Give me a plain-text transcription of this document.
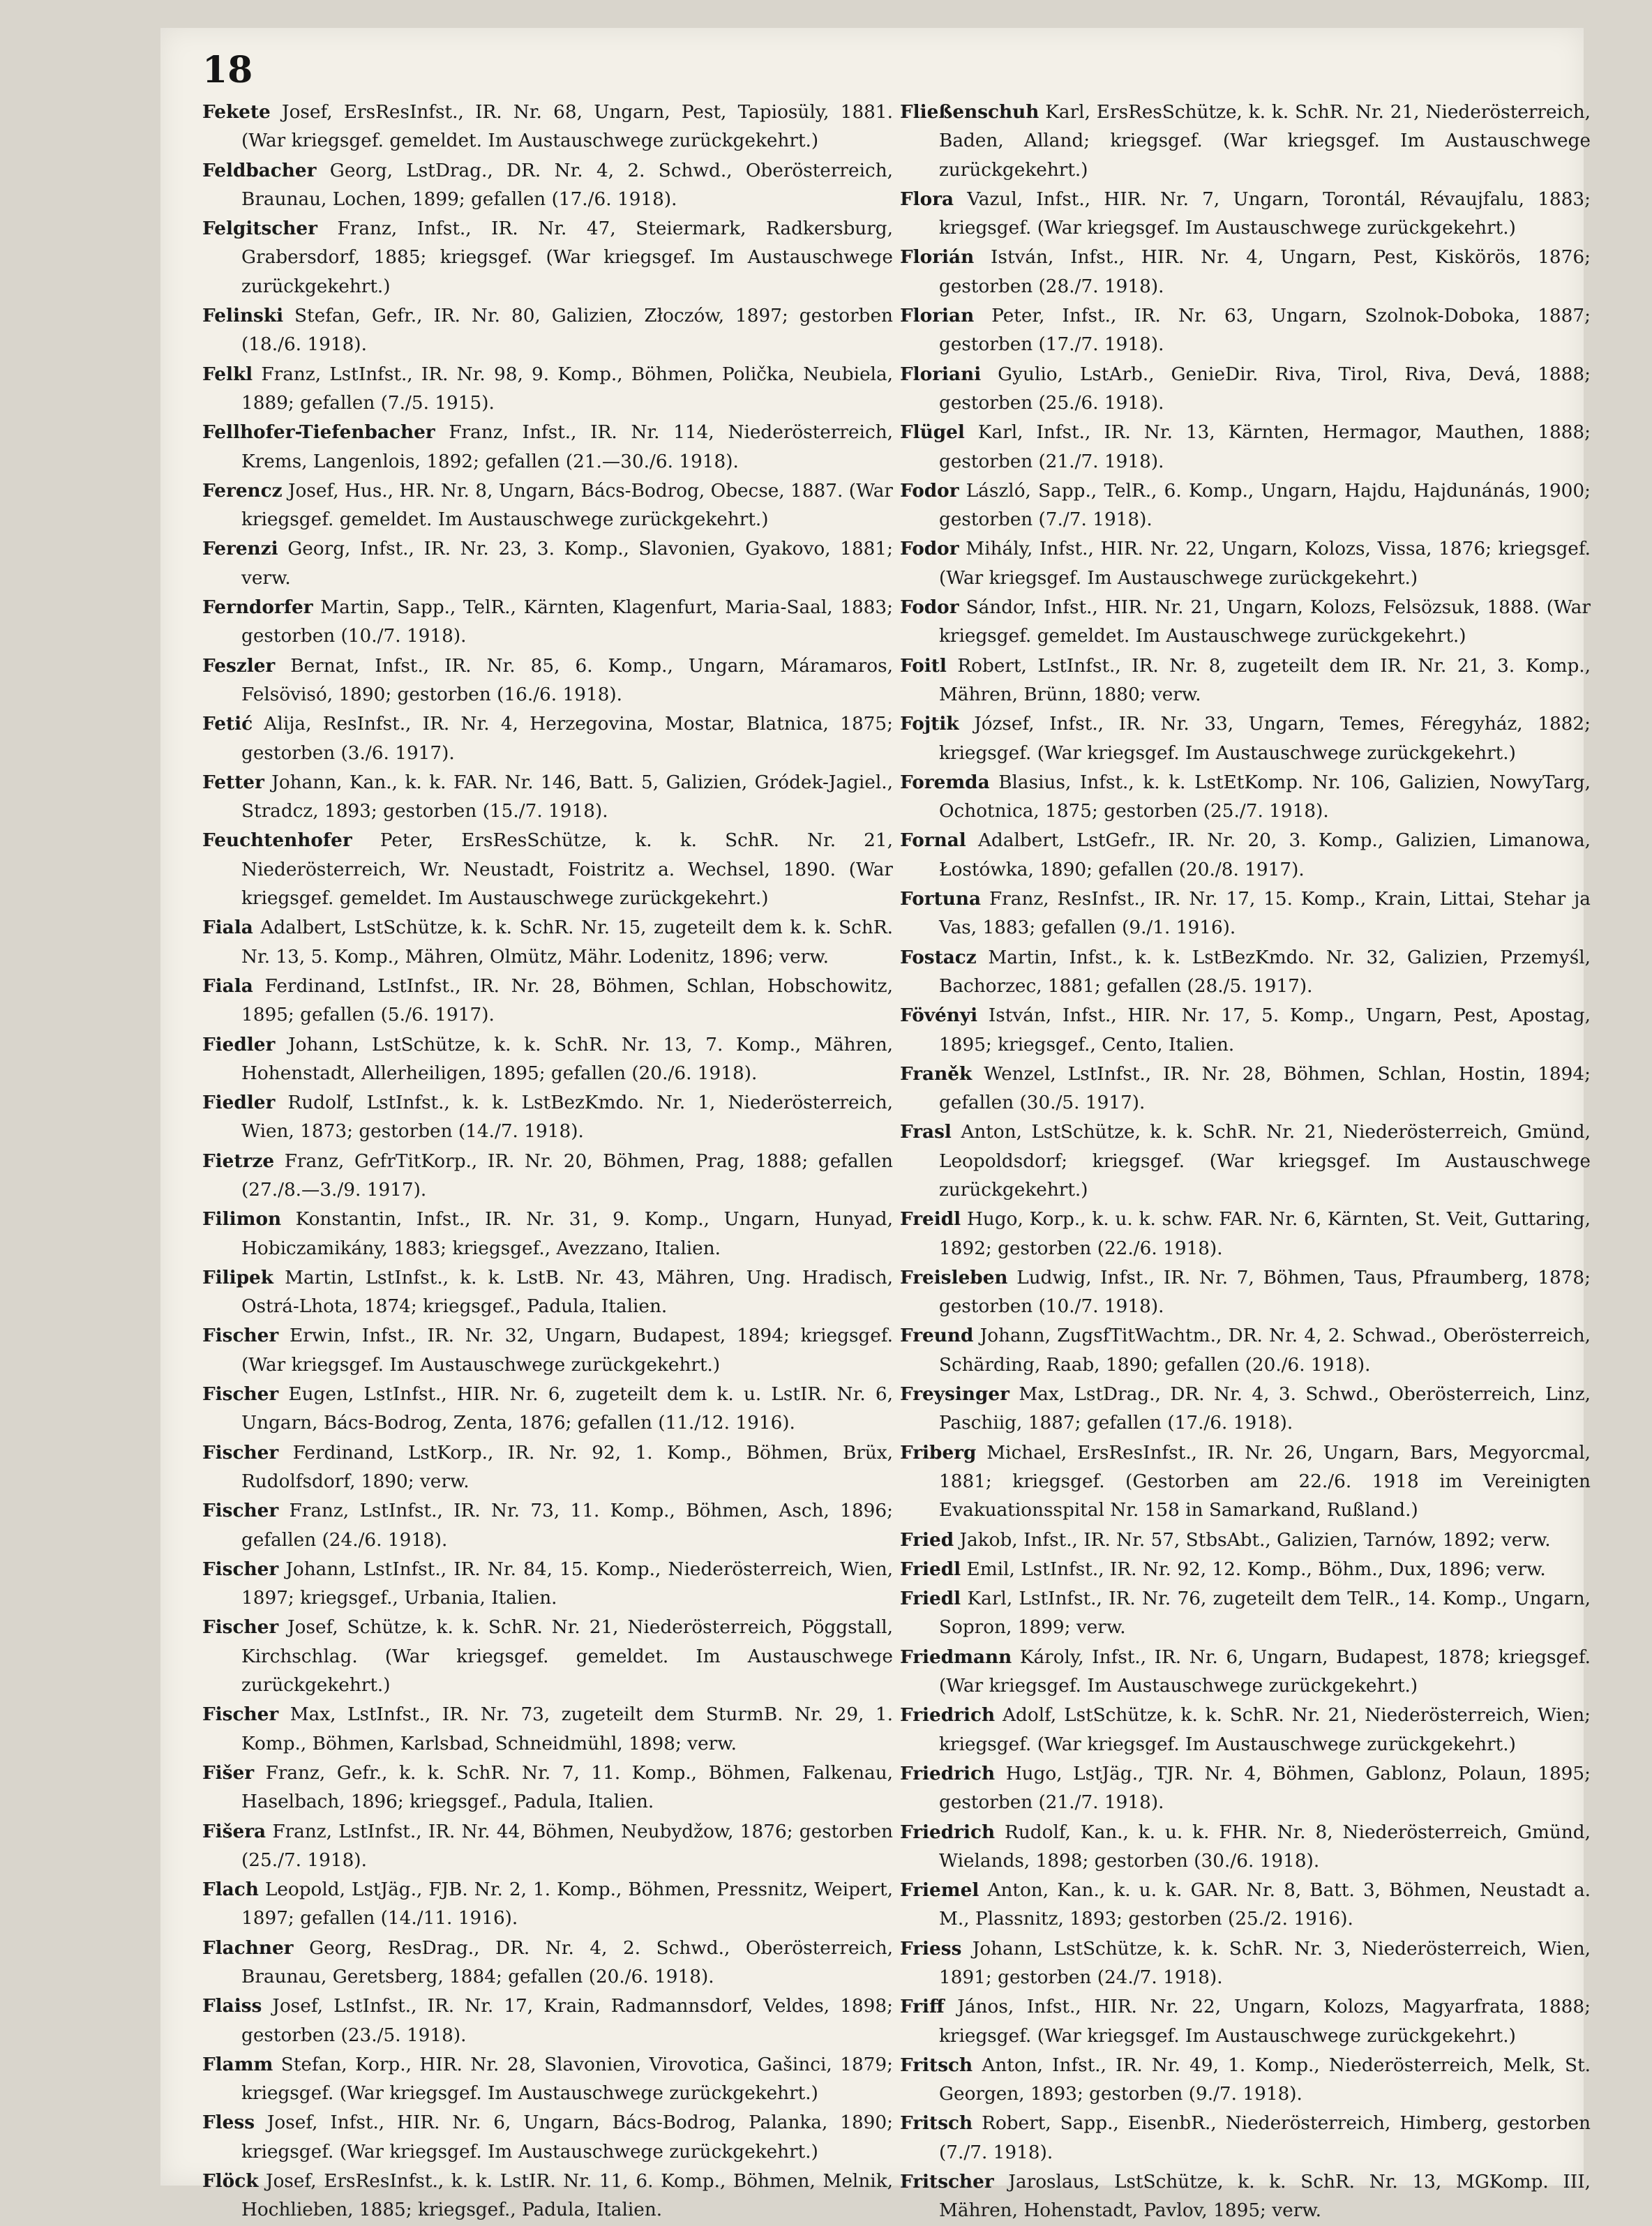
18

Fekete Josef, ErsResInfst., IR. Nr. 68, Ungarn, Pest, Tapiosüly, 1881. (War kriegsgef. gemeldet. Im Austauschwege zurückgekehrt.)

Feldbacher Georg, LstDrag., DR. Nr. 4, 2. Schwd., Oberösterreich, Braunau, Lochen, 1899; gefallen (17./6. 1918).

Felgitscher Franz, Infst., IR. Nr. 47, Steiermark, Radkersburg, Grabersdorf, 1885; kriegsgef. (War kriegsgef. Im Austauschwege zurückgekehrt.)

Felinski Stefan, Gefr., IR. Nr. 80, Galizien, Złoczów, 1897; gestorben (18./6. 1918).

Felkl Franz, LstInfst., IR. Nr. 98, 9. Komp., Böhmen, Polička, Neubiela, 1889; gefallen (7./5. 1915).

Fellhofer-Tiefenbacher Franz, Infst., IR. Nr. 114, Niederösterreich, Krems, Langenlois, 1892; gefallen (21.—30./6. 1918).

Ferencz Josef, Hus., HR. Nr. 8, Ungarn, Bács-Bodrog, Obecse, 1887. (War kriegsgef. gemeldet. Im Austauschwege zurückgekehrt.)

Ferenzi Georg, Infst., IR. Nr. 23, 3. Komp., Slavonien, Gyakovo, 1881; verw.

Ferndorfer Martin, Sapp., TelR., Kärnten, Klagenfurt, Maria-Saal, 1883; gestorben (10./7. 1918).

Feszler Bernat, Infst., IR. Nr. 85, 6. Komp., Ungarn, Máramaros, Felsövisó, 1890; gestorben (16./6. 1918).

Fetić Alija, ResInfst., IR. Nr. 4, Herzegovina, Mostar, Blatnica, 1875; gestorben (3./6. 1917).

Fetter Johann, Kan., k. k. FAR. Nr. 146, Batt. 5, Galizien, Gródek-Jagiel., Stradcz, 1893; gestorben (15./7. 1918).

Feuchtenhofer Peter, ErsResSchütze, k. k. SchR. Nr. 21, Niederösterreich, Wr. Neustadt, Foistritz a. Wechsel, 1890. (War kriegsgef. gemeldet. Im Austauschwege zurückgekehrt.)

Fiala Adalbert, LstSchütze, k. k. SchR. Nr. 15, zugeteilt dem k. k. SchR. Nr. 13, 5. Komp., Mähren, Olmütz, Mähr. Lodenitz, 1896; verw.

Fiala Ferdinand, LstInfst., IR. Nr. 28, Böhmen, Schlan, Hobschowitz, 1895; gefallen (5./6. 1917).

Fiedler Johann, LstSchütze, k. k. SchR. Nr. 13, 7. Komp., Mähren, Hohenstadt, Allerheiligen, 1895; gefallen (20./6. 1918).

Fiedler Rudolf, LstInfst., k. k. LstBezKmdo. Nr. 1, Niederösterreich, Wien, 1873; gestorben (14./7. 1918).

Fietrze Franz, GefrTitKorp., IR. Nr. 20, Böhmen, Prag, 1888; gefallen (27./8.—3./9. 1917).

Filimon Konstantin, Infst., IR. Nr. 31, 9. Komp., Ungarn, Hunyad, Hobiczamikány, 1883; kriegsgef., Avezzano, Italien.

Filipek Martin, LstInfst., k. k. LstB. Nr. 43, Mähren, Ung. Hradisch, Ostrá-Lhota, 1874; kriegsgef., Padula, Italien.

Fischer Erwin, Infst., IR. Nr. 32, Ungarn, Budapest, 1894; kriegsgef. (War kriegsgef. Im Austauschwege zurückgekehrt.)

Fischer Eugen, LstInfst., HIR. Nr. 6, zugeteilt dem k. u. LstIR. Nr. 6, Ungarn, Bács-Bodrog, Zenta, 1876; gefallen (11./12. 1916).

Fischer Ferdinand, LstKorp., IR. Nr. 92, 1. Komp., Böhmen, Brüx, Rudolfsdorf, 1890; verw.

Fischer Franz, LstInfst., IR. Nr. 73, 11. Komp., Böhmen, Asch, 1896; gefallen (24./6. 1918).

Fischer Johann, LstInfst., IR. Nr. 84, 15. Komp., Niederösterreich, Wien, 1897; kriegsgef., Urbania, Italien.

Fischer Josef, Schütze, k. k. SchR. Nr. 21, Niederösterreich, Pöggstall, Kirchschlag. (War kriegsgef. gemeldet. Im Austauschwege zurückgekehrt.)

Fischer Max, LstInfst., IR. Nr. 73, zugeteilt dem SturmB. Nr. 29, 1. Komp., Böhmen, Karlsbad, Schneidmühl, 1898; verw.

Fišer Franz, Gefr., k. k. SchR. Nr. 7, 11. Komp., Böhmen, Falkenau, Haselbach, 1896; kriegsgef., Padula, Italien.

Fišera Franz, LstInfst., IR. Nr. 44, Böhmen, Neubydžow, 1876; gestorben (25./7. 1918).

Flach Leopold, LstJäg., FJB. Nr. 2, 1. Komp., Böhmen, Pressnitz, Weipert, 1897; gefallen (14./11. 1916).

Flachner Georg, ResDrag., DR. Nr. 4, 2. Schwd., Oberösterreich, Braunau, Geretsberg, 1884; gefallen (20./6. 1918).

Flaiss Josef, LstInfst., IR. Nr. 17, Krain, Radmannsdorf, Veldes, 1898; gestorben (23./5. 1918).

Flamm Stefan, Korp., HIR. Nr. 28, Slavonien, Virovotica, Gašinci, 1879; kriegsgef. (War kriegsgef. Im Austauschwege zurückgekehrt.)

Fless Josef, Infst., HIR. Nr. 6, Ungarn, Bács-Bodrog, Palanka, 1890; kriegsgef. (War kriegsgef. Im Austauschwege zurückgekehrt.)

Flöck Josef, ErsResInfst., k. k. LstIR. Nr. 11, 6. Komp., Böhmen, Melnik, Hochlieben, 1885; kriegsgef., Padula, Italien.

Fließenschuh Karl, ErsResSchütze, k. k. SchR. Nr. 21, Niederösterreich, Baden, Alland; kriegsgef. (War kriegsgef. Im Austauschwege zurückgekehrt.)

Flora Vazul, Infst., HIR. Nr. 7, Ungarn, Torontál, Révaujfalu, 1883; kriegsgef. (War kriegsgef. Im Austauschwege zurückgekehrt.)

Florián István, Infst., HIR. Nr. 4, Ungarn, Pest, Kiskörös, 1876; gestorben (28./7. 1918).

Florian Peter, Infst., IR. Nr. 63, Ungarn, Szolnok-Doboka, 1887; gestorben (17./7. 1918).

Floriani Gyulio, LstArb., GenieDir. Riva, Tirol, Riva, Devá, 1888; gestorben (25./6. 1918).

Flügel Karl, Infst., IR. Nr. 13, Kärnten, Hermagor, Mauthen, 1888; gestorben (21./7. 1918).

Fodor László, Sapp., TelR., 6. Komp., Ungarn, Hajdu, Hajdunánás, 1900; gestorben (7./7. 1918).

Fodor Mihály, Infst., HIR. Nr. 22, Ungarn, Kolozs, Vissa, 1876; kriegsgef. (War kriegsgef. Im Austauschwege zurückgekehrt.)

Fodor Sándor, Infst., HIR. Nr. 21, Ungarn, Kolozs, Felsözsuk, 1888. (War kriegsgef. gemeldet. Im Austauschwege zurückgekehrt.)

Foitl Robert, LstInfst., IR. Nr. 8, zugeteilt dem IR. Nr. 21, 3. Komp., Mähren, Brünn, 1880; verw.

Fojtik József, Infst., IR. Nr. 33, Ungarn, Temes, Féregyház, 1882; kriegsgef. (War kriegsgef. Im Austauschwege zurückgekehrt.)

Foremda Blasius, Infst., k. k. LstEtKomp. Nr. 106, Galizien, NowyTarg, Ochotnica, 1875; gestorben (25./7. 1918).

Fornal Adalbert, LstGefr., IR. Nr. 20, 3. Komp., Galizien, Limanowa, Łostówka, 1890; gefallen (20./8. 1917).

Fortuna Franz, ResInfst., IR. Nr. 17, 15. Komp., Krain, Littai, Stehar ja Vas, 1883; gefallen (9./1. 1916).

Fostacz Martin, Infst., k. k. LstBezKmdo. Nr. 32, Galizien, Przemyśl, Bachorzec, 1881; gefallen (28./5. 1917).

Fövényi István, Infst., HIR. Nr. 17, 5. Komp., Ungarn, Pest, Apostag, 1895; kriegsgef., Cento, Italien.

Franěk Wenzel, LstInfst., IR. Nr. 28, Böhmen, Schlan, Hostin, 1894; gefallen (30./5. 1917).

Frasl Anton, LstSchütze, k. k. SchR. Nr. 21, Niederösterreich, Gmünd, Leopoldsdorf; kriegsgef. (War kriegsgef. Im Austauschwege zurückgekehrt.)

Freidl Hugo, Korp., k. u. k. schw. FAR. Nr. 6, Kärnten, St. Veit, Guttaring, 1892; gestorben (22./6. 1918).

Freisleben Ludwig, Infst., IR. Nr. 7, Böhmen, Taus, Pfraumberg, 1878; gestorben (10./7. 1918).

Freund Johann, ZugsfTitWachtm., DR. Nr. 4, 2. Schwad., Oberösterreich, Schärding, Raab, 1890; gefallen (20./6. 1918).

Freysinger Max, LstDrag., DR. Nr. 4, 3. Schwd., Oberösterreich, Linz, Paschiig, 1887; gefallen (17./6. 1918).

Friberg Michael, ErsResInfst., IR. Nr. 26, Ungarn, Bars, Megyorcmal, 1881; kriegsgef. (Gestorben am 22./6. 1918 im Vereinigten Evakuationsspital Nr. 158 in Samarkand, Rußland.)

Fried Jakob, Infst., IR. Nr. 57, StbsAbt., Galizien, Tarnów, 1892; verw.

Friedl Emil, LstInfst., IR. Nr. 92, 12. Komp., Böhm., Dux, 1896; verw.

Friedl Karl, LstInfst., IR. Nr. 76, zugeteilt dem TelR., 14. Komp., Ungarn, Sopron, 1899; verw.

Friedmann Károly, Infst., IR. Nr. 6, Ungarn, Budapest, 1878; kriegsgef. (War kriegsgef. Im Austauschwege zurückgekehrt.)

Friedrich Adolf, LstSchütze, k. k. SchR. Nr. 21, Niederösterreich, Wien; kriegsgef. (War kriegsgef. Im Austauschwege zurückgekehrt.)

Friedrich Hugo, LstJäg., TJR. Nr. 4, Böhmen, Gablonz, Polaun, 1895; gestorben (21./7. 1918).

Friedrich Rudolf, Kan., k. u. k. FHR. Nr. 8, Niederösterreich, Gmünd, Wielands, 1898; gestorben (30./6. 1918).

Friemel Anton, Kan., k. u. k. GAR. Nr. 8, Batt. 3, Böhmen, Neustadt a. M., Plassnitz, 1893; gestorben (25./2. 1916).

Friess Johann, LstSchütze, k. k. SchR. Nr. 3, Niederösterreich, Wien, 1891; gestorben (24./7. 1918).

Friff János, Infst., HIR. Nr. 22, Ungarn, Kolozs, Magyarfrata, 1888; kriegsgef. (War kriegsgef. Im Austauschwege zurückgekehrt.)

Fritsch Anton, Infst., IR. Nr. 49, 1. Komp., Niederösterreich, Melk, St. Georgen, 1893; gestorben (9./7. 1918).

Fritsch Robert, Sapp., EisenbR., Niederösterreich, Himberg, gestorben (7./7. 1918).

Fritscher Jaroslaus, LstSchütze, k. k. SchR. Nr. 13, MGKomp. III, Mähren, Hohenstadt, Pavlov, 1895; verw.
